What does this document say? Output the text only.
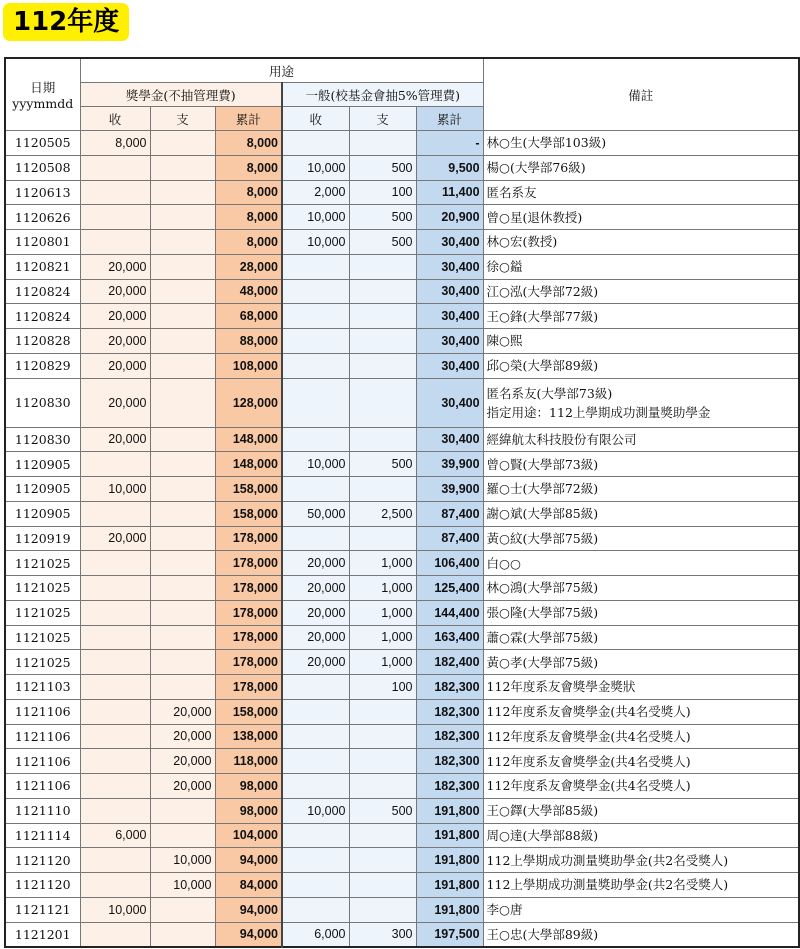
112年度
日期
yyymmdd	用途						備註
	獎學金(不抽管理費)			一般(校基金會抽5%管理費)			
	收	支	累計	收	支	累計	
1120505	8,000		8,000			-	林○生(大學部103級)

1120508			8,000	10,000	500	9,500	楊○(大學部76級)

1120613			8,000	2,000	100	11,400	匿名系友

1120626			8,000	10,000	500	20,900	曾○星(退休教授)

1120801			8,000	10,000	500	30,400	林○宏(教授)

1120821	20,000		28,000			30,400	徐○鎰

1120824	20,000		48,000			30,400	江○泓(大學部72級)

1120824	20,000		68,000			30,400	王○鋒(大學部77級)

1120828	20,000		88,000			30,400	陳○熙

1120829	20,000		108,000			30,400	邱○榮(大學部89級)

1120830	20,000		128,000			30,400	匿名系友(大學部73級)
指定用途：112上學期成功測量獎助學金

1120830	20,000		148,000			30,400	經緯航太科技股份有限公司

1120905			148,000	10,000	500	39,900	曾○賢(大學部73級)

1120905	10,000		158,000			39,900	羅○士(大學部72級)

1120905			158,000	50,000	2,500	87,400	謝○斌(大學部85級)

1120919	20,000		178,000			87,400	黃○紋(大學部75級)

1121025			178,000	20,000	1,000	106,400	白○○

1121025			178,000	20,000	1,000	125,400	林○鴻(大學部75級)

1121025			178,000	20,000	1,000	144,400	張○隆(大學部75級)

1121025			178,000	20,000	1,000	163,400	蕭○霖(大學部75級)

1121025			178,000	20,000	1,000	182,400	黃○孝(大學部75級)

1121103			178,000		100	182,300	112年度系友會獎學金獎狀

1121106		20,000	158,000			182,300	112年度系友會獎學金(共4名受獎人)

1121106		20,000	138,000			182,300	112年度系友會獎學金(共4名受獎人)

1121106		20,000	118,000			182,300	112年度系友會獎學金(共4名受獎人)

1121106		20,000	98,000			182,300	112年度系友會獎學金(共4名受獎人)

1121110			98,000	10,000	500	191,800	王○鐸(大學部85級)

1121114	6,000		104,000			191,800	周○達(大學部88級)

1121120		10,000	94,000			191,800	112上學期成功測量獎助學金(共2名受獎人)

1121120		10,000	84,000			191,800	112上學期成功測量獎助學金(共2名受獎人)

1121121	10,000		94,000			191,800	李○唐

1121201			94,000	6,000	300	197,500	王○忠(大學部89級)
